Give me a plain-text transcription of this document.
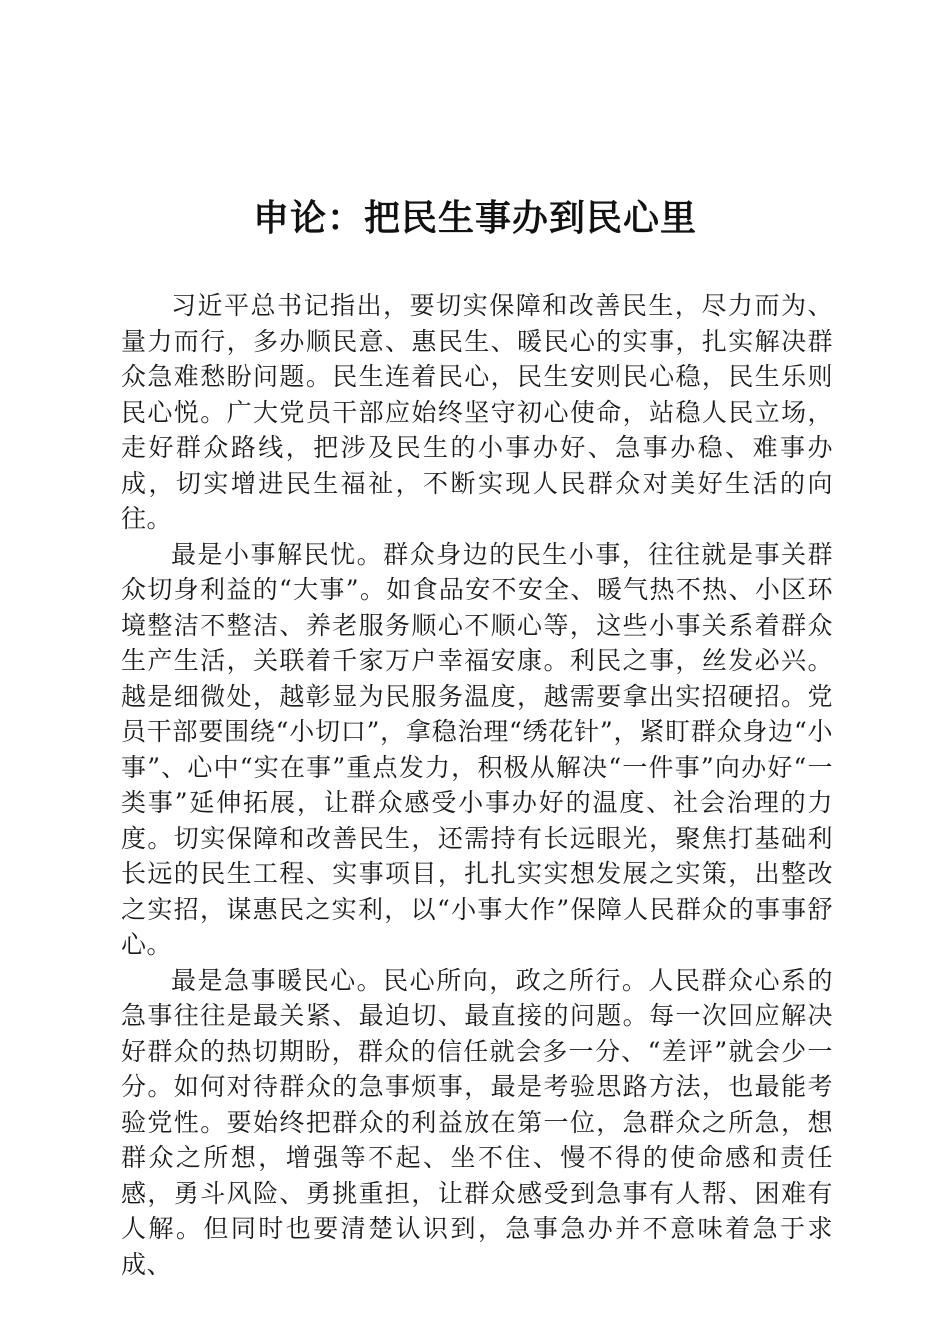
申论：把民生事办到民心里

习近平总书记指出，要切实保障和改善民生，尽力而为、量力而行，多办顺民意、惠民生、暖民心的实事，扎实解决群众急难愁盼问题。民生连着民心，民生安则民心稳，民生乐则民心悦。广大党员干部应始终坚守初心使命，站稳人民立场，走好群众路线，把涉及民生的小事办好、急事办稳、难事办成，切实增进民生福祉，不断实现人民群众对美好生活的向往。

最是小事解民忧。群众身边的民生小事，往往就是事关群众切身利益的“大事”。如食品安不安全、暖气热不热、小区环境整洁不整洁、养老服务顺心不顺心等，这些小事关系着群众生产生活，关联着千家万户幸福安康。利民之事，丝发必兴。越是细微处，越彰显为民服务温度，越需要拿出实招硬招。党员干部要围绕“小切口”，拿稳治理“绣花针”，紧盯群众身边“小事”、心中“实在事”重点发力，积极从解决“一件事”向办好“一类事”延伸拓展，让群众感受小事办好的温度、社会治理的力度。切实保障和改善民生，还需持有长远眼光，聚焦打基础利长远的民生工程、实事项目，扎扎实实想发展之实策，出整改之实招，谋惠民之实利，以“小事大作”保障人民群众的事事舒心。

最是急事暖民心。民心所向，政之所行。人民群众心系的急事往往是最关紧、最迫切、最直接的问题。每一次回应解决好群众的热切期盼，群众的信任就会多一分、“差评”就会少一分。如何对待群众的急事烦事，最是考验思路方法，也最能考验党性。要始终把群众的利益放在第一位，急群众之所急，想群众之所想，增强等不起、坐不住、慢不得的使命感和责任感，勇斗风险、勇挑重担，让群众感受到急事有人帮、困难有人解。但同时也要清楚认识到，急事急办并不意味着急于求成、
